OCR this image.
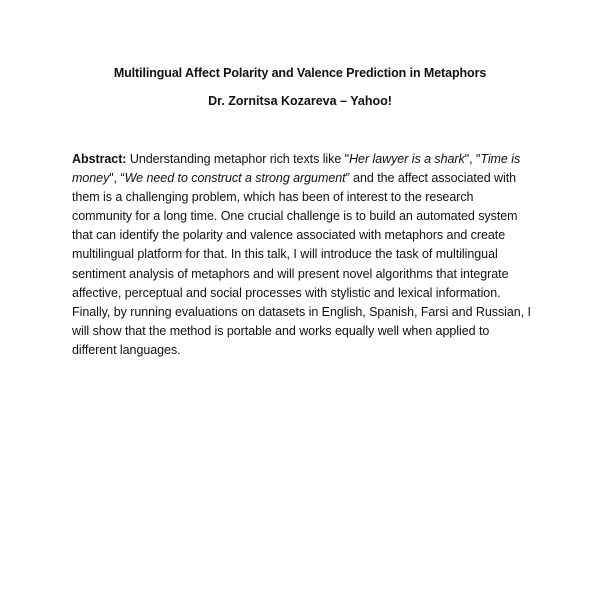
Multilingual Affect Polarity and Valence Prediction in Metaphors
Dr. Zornitsa Kozareva – Yahoo!

Abstract: Understanding metaphor rich texts like "Her lawyer is a shark", "Time is money", “We need to construct a strong argument” and the affect associated with them is a challenging problem, which has been of interest to the research community for a long time. One crucial challenge is to build an automated system that can identify the polarity and valence associated with metaphors and create multilingual platform for that. In this talk, I will introduce the task of multilingual sentiment analysis of metaphors and will present novel algorithms that integrate affective, perceptual and social processes with stylistic and lexical information. Finally, by running evaluations on datasets in English, Spanish, Farsi and Russian, I will show that the method is portable and works equally well when applied to different languages.
